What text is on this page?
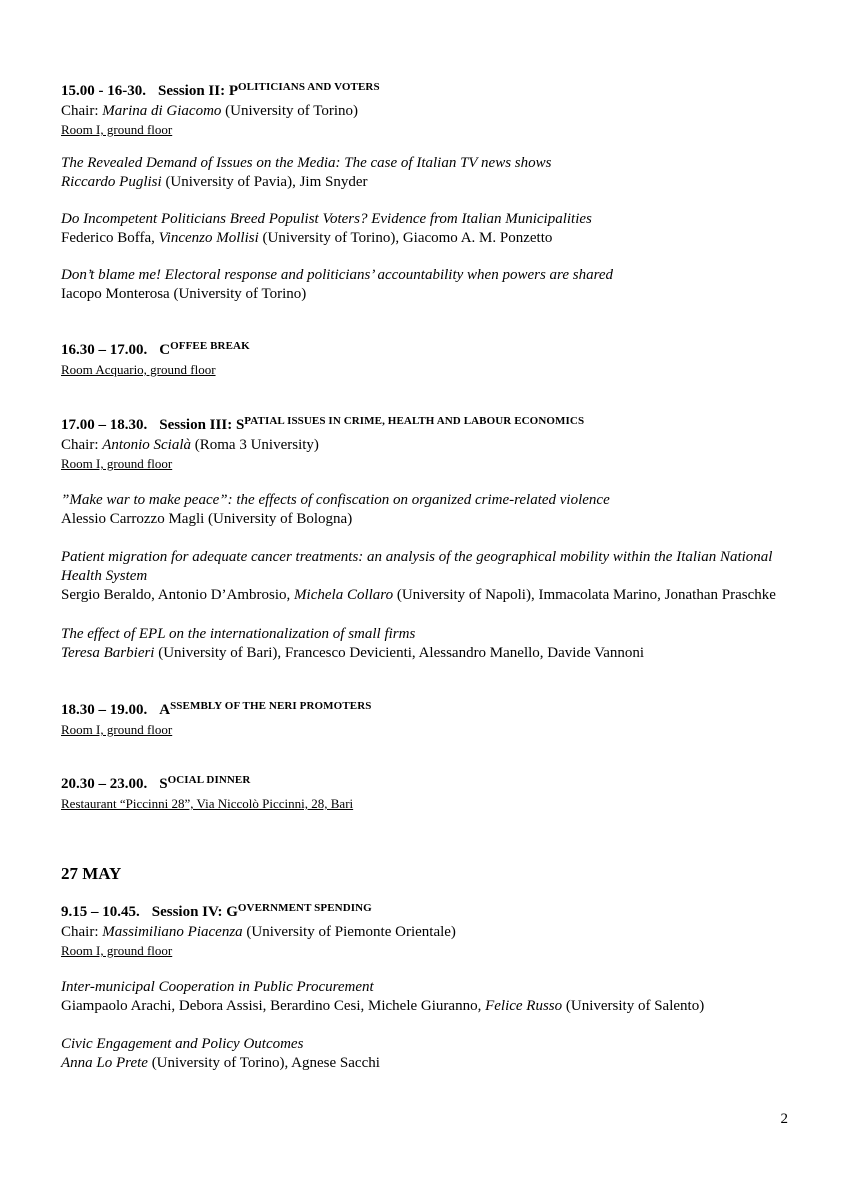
15.00 - 16-30. Session II: $P^{OLITICIANS AND VOTERS}$
Chair: Marina di Giacomo (University of Torino)
Room I, ground floor
The Revealed Demand of Issues on the Media: The case of Italian TV news shows
Riccardo Puglisi (University of Pavia), Jim Snyder
Do Incompetent Politicians Breed Populist Voters? Evidence from Italian Municipalities
Federico Boffa, Vincenzo Mollisi (University of Torino), Giacomo A. M. Ponzetto
Don’t blame me! Electoral response and politicians’ accountability when powers are shared
Iacopo Monterosa (University of Torino)
16.30 – 17.00. $C^{OFFEE BREAK}$
Room Acquario, ground floor
17.00 – 18.30. Session III: $S^{PATIAL ISSUES IN CRIME, HEALTH AND LABOUR ECONOMICS}$
Chair: Antonio Scialà (Roma 3 University)
Room I, ground floor
”Make war to make peace”: the effects of confiscation on organized crime-related violence
Alessio Carrozzo Magli (University of Bologna)
Patient migration for adequate cancer treatments: an analysis of the geographical mobility within the Italian National Health System
Sergio Beraldo, Antonio D’Ambrosio, Michela Collaro (University of Napoli), Immacolata Marino, Jonathan Praschke
The effect of EPL on the internationalization of small firms
Teresa Barbieri (University of Bari), Francesco Devicienti, Alessandro Manello, Davide Vannoni
18.30 – 19.00. $A^{SSEMBLY OF THE}$ $^{NERI PROMOTERS}$
Room I, ground floor
20.30 – 23.00. $S^{OCIAL DINNER}$
Restaurant “Piccinni 28”, Via Niccolò Piccinni, 28, Bari
27 MAY
9.15 – 10.45. Session IV: $G^{OVERNMENT SPENDING}$
Chair: Massimiliano Piacenza (University of Piemonte Orientale)
Room I, ground floor
Inter-municipal Cooperation in Public Procurement
Giampaolo Arachi, Debora Assisi, Berardino Cesi, Michele Giuranno, Felice Russo (University of Salento)
Civic Engagement and Policy Outcomes
Anna Lo Prete (University of Torino), Agnese Sacchi
2
